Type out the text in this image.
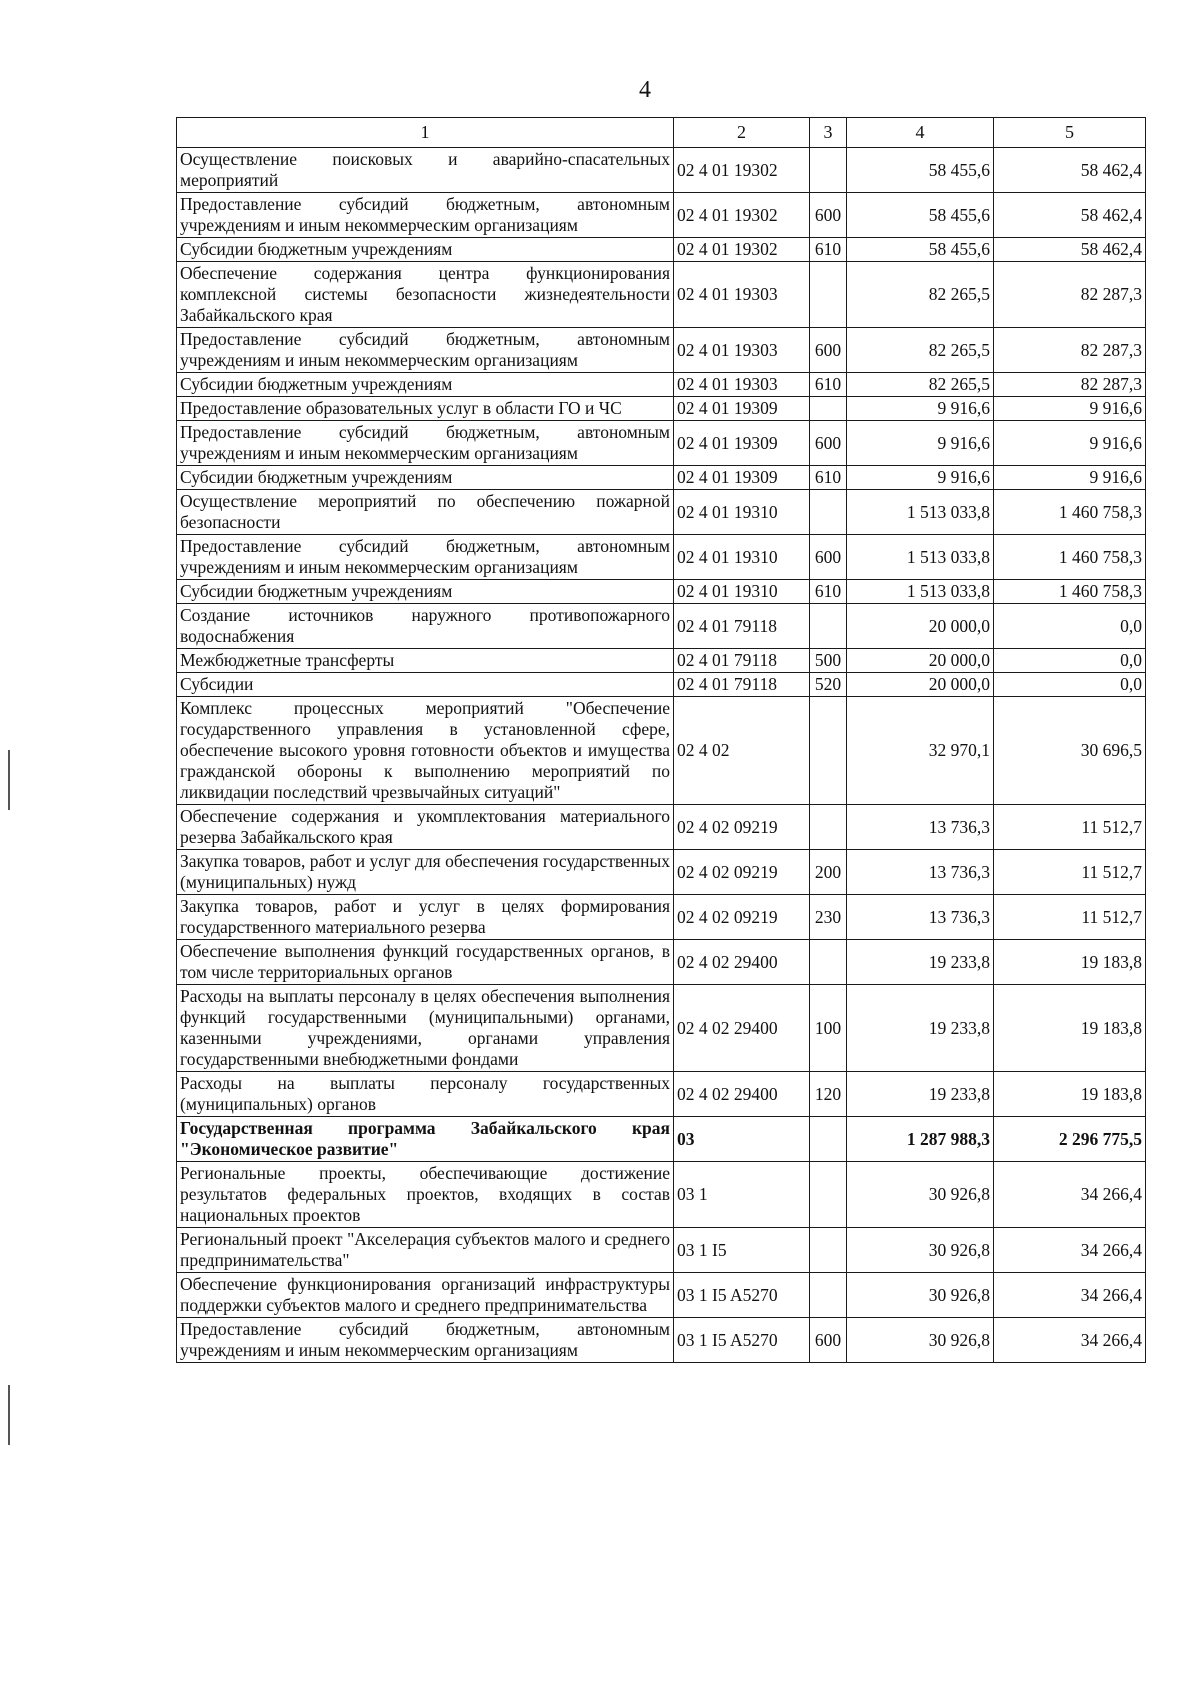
4
1	2	3	4	5
Осуществление поисковых и аварийно-спасательных мероприятий	02 4 01 19302		58 455,6	58 462,4
Предоставление субсидий бюджетным, автономным учреждениям и иным некоммерческим организациям	02 4 01 19302	600	58 455,6	58 462,4
Субсидии бюджетным учреждениям	02 4 01 19302	610	58 455,6	58 462,4
Обеспечение содержания центра функционирования комплексной системы безопасности жизнедеятельности Забайкальского края	02 4 01 19303		82 265,5	82 287,3
Предоставление субсидий бюджетным, автономным учреждениям и иным некоммерческим организациям	02 4 01 19303	600	82 265,5	82 287,3
Субсидии бюджетным учреждениям	02 4 01 19303	610	82 265,5	82 287,3
Предоставление образовательных услуг в области ГО и ЧС	02 4 01 19309		9 916,6	9 916,6
Предоставление субсидий бюджетным, автономным учреждениям и иным некоммерческим организациям	02 4 01 19309	600	9 916,6	9 916,6
Субсидии бюджетным учреждениям	02 4 01 19309	610	9 916,6	9 916,6
Осуществление мероприятий по обеспечению пожарной безопасности	02 4 01 19310		1 513 033,8	1 460 758,3
Предоставление субсидий бюджетным, автономным учреждениям и иным некоммерческим организациям	02 4 01 19310	600	1 513 033,8	1 460 758,3
Субсидии бюджетным учреждениям	02 4 01 19310	610	1 513 033,8	1 460 758,3
Создание источников наружного противопожарного водоснабжения	02 4 01 79118		20 000,0	0,0
Межбюджетные трансферты	02 4 01 79118	500	20 000,0	0,0
Субсидии	02 4 01 79118	520	20 000,0	0,0
Комплекс процессных мероприятий "Обеспечение государственного управления в установленной сфере, обеспечение высокого уровня готовности объектов и имущества гражданской обороны к выполнению мероприятий по ликвидации последствий чрезвычайных ситуаций"	02 4 02		32 970,1	30 696,5
Обеспечение содержания и укомплектования материального резерва Забайкальского края	02 4 02 09219		13 736,3	11 512,7
Закупка товаров, работ и услуг для обеспечения государственных (муниципальных) нужд	02 4 02 09219	200	13 736,3	11 512,7
Закупка товаров, работ и услуг в целях формирования государственного материального резерва	02 4 02 09219	230	13 736,3	11 512,7
Обеспечение выполнения функций государственных органов, в том числе территориальных органов	02 4 02 29400		19 233,8	19 183,8
Расходы на выплаты персоналу в целях обеспечения выполнения функций государственными (муниципальными) органами, казенными учреждениями, органами управления государственными внебюджетными фондами	02 4 02 29400	100	19 233,8	19 183,8
Расходы на выплаты персоналу государственных (муниципальных) органов	02 4 02 29400	120	19 233,8	19 183,8
Государственная программа Забайкальского края "Экономическое развитие"	03		1 287 988,3	2 296 775,5
Региональные проекты, обеспечивающие достижение результатов федеральных проектов, входящих в состав национальных проектов	03 1		30 926,8	34 266,4
Региональный проект "Акселерация субъектов малого и среднего предпринимательства"	03 1 I5		30 926,8	34 266,4
Обеспечение функционирования организаций инфраструктуры поддержки субъектов малого и среднего предпринимательства	03 1 I5 A5270		30 926,8	34 266,4
Предоставление субсидий бюджетным, автономным учреждениям и иным некоммерческим организациям	03 1 I5 A5270	600	30 926,8	34 266,4
